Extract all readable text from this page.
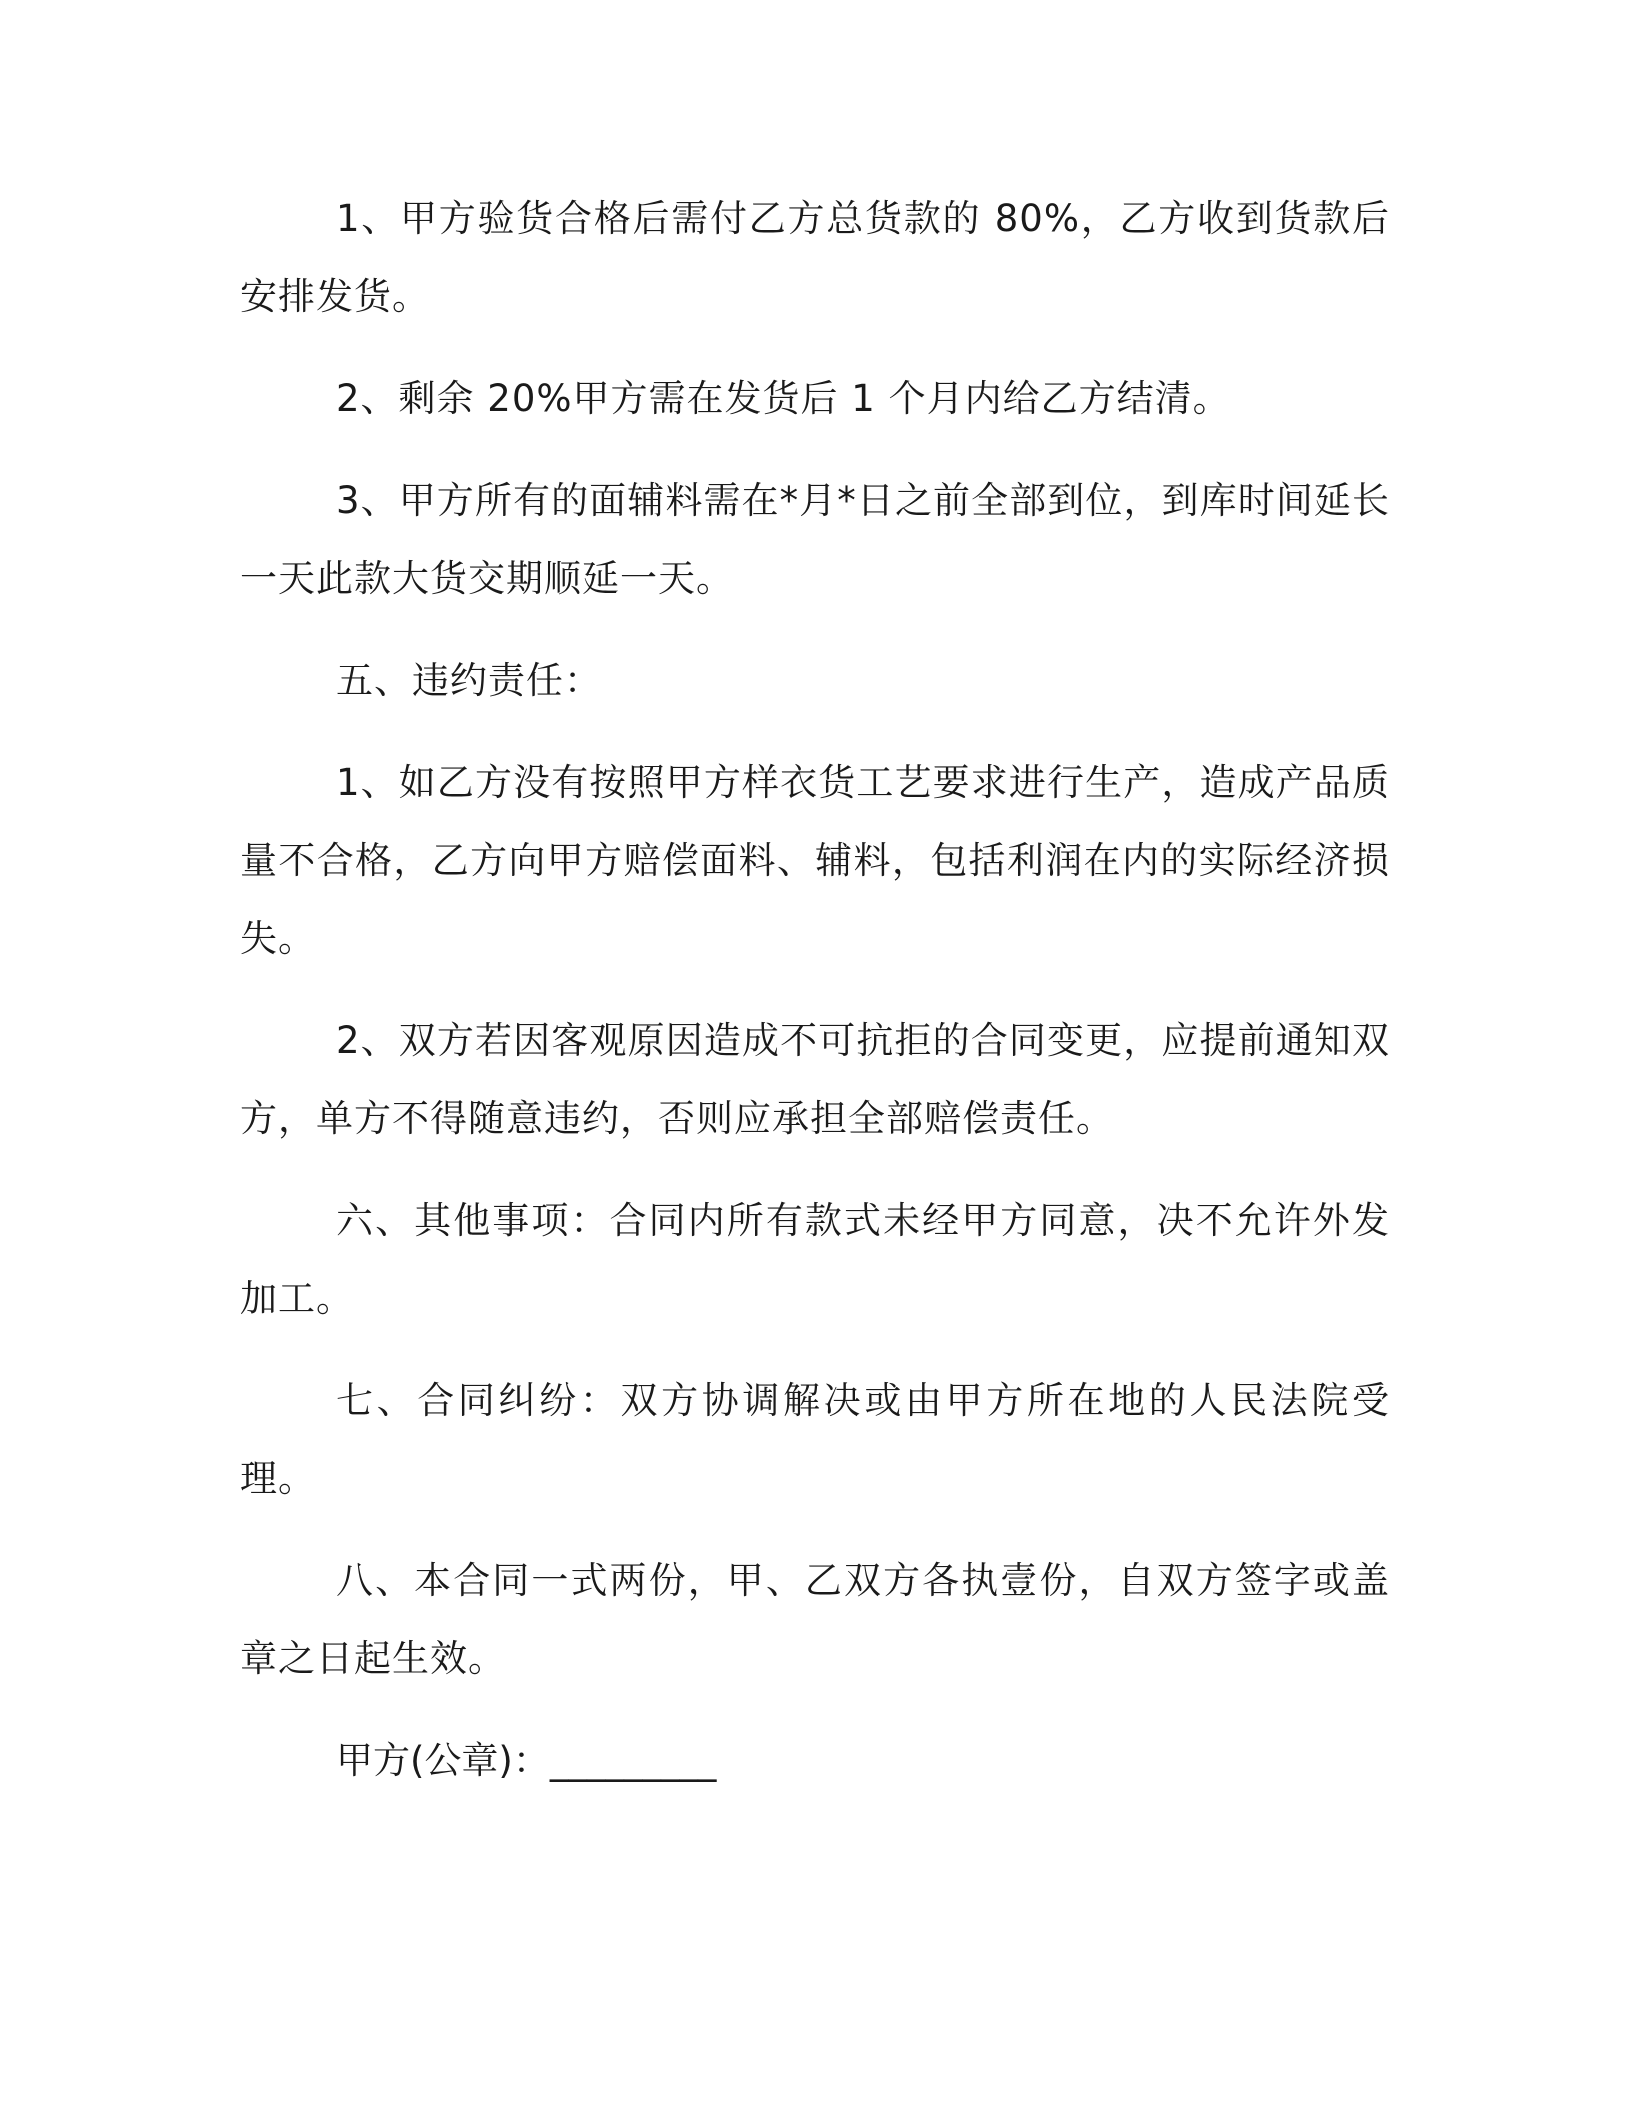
1、甲方验货合格后需付乙方总货款的 80%，乙方收到货款后安排发货。

2、剩余 20%甲方需在发货后 1 个月内给乙方结清。

3、甲方所有的面辅料需在*月*日之前全部到位，到库时间延长一天此款大货交期顺延一天。

五、违约责任：

1、如乙方没有按照甲方样衣货工艺要求进行生产，造成产品质量不合格，乙方向甲方赔偿面料、辅料，包括利润在内的实际经济损失。

2、双方若因客观原因造成不可抗拒的合同变更，应提前通知双方，单方不得随意违约，否则应承担全部赔偿责任。

六、其他事项：合同内所有款式未经甲方同意，决不允许外发加工。

七、合同纠纷：双方协调解决或由甲方所在地的人民法院受理。

八、本合同一式两份，甲、乙双方各执壹份，自双方签字或盖章之日起生效。

甲方(公章)：_________
